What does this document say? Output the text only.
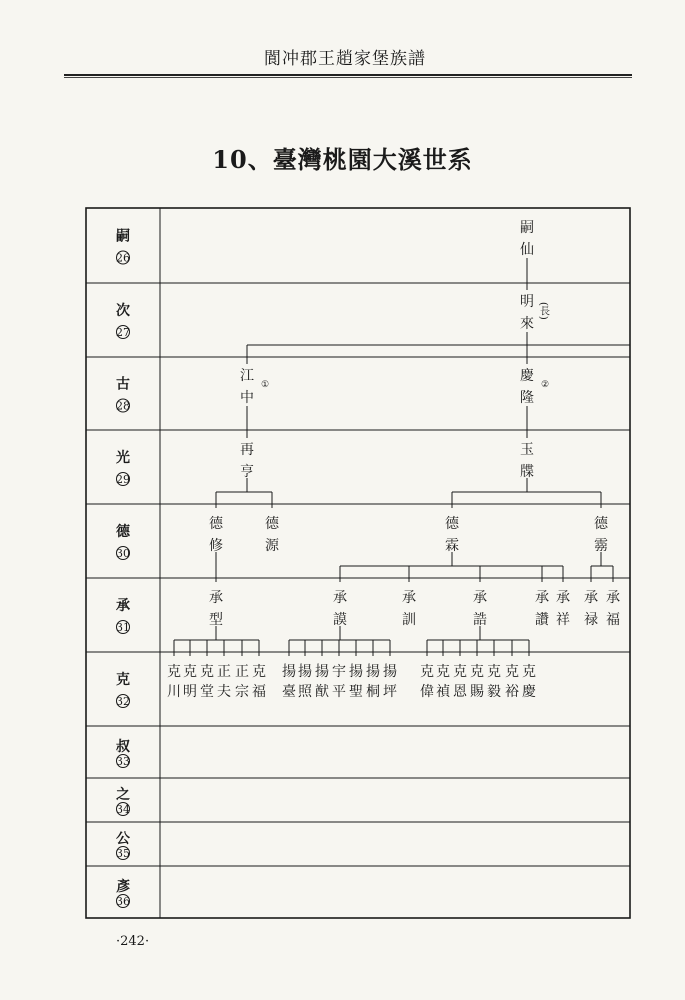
閬冲郡王趙家堡族譜
10、臺灣桃園大溪世系
·242·
嗣
26
次
27
古
28
光
29
德
30
承
31
克
32
叔
33
之
34
公
35
彥
36
嗣
仙
明
來
(長)
江
中
①
慶
隆
②
再
亨
玉
牒
德
修
德
源
德
霖
德
霛
承
型
承
謨
承
訓
承
誥
承
讚
承
祥
承
禄
承
福
克
川
克
明
克
堂
正
夫
正
宗
克
福
揚
臺
揚
照
揚
猷
宇
平
揚
聖
揚
桐
揚
坪
克
偉
克
禎
克
恩
克
賜
克
毅
克
裕
克
慶
